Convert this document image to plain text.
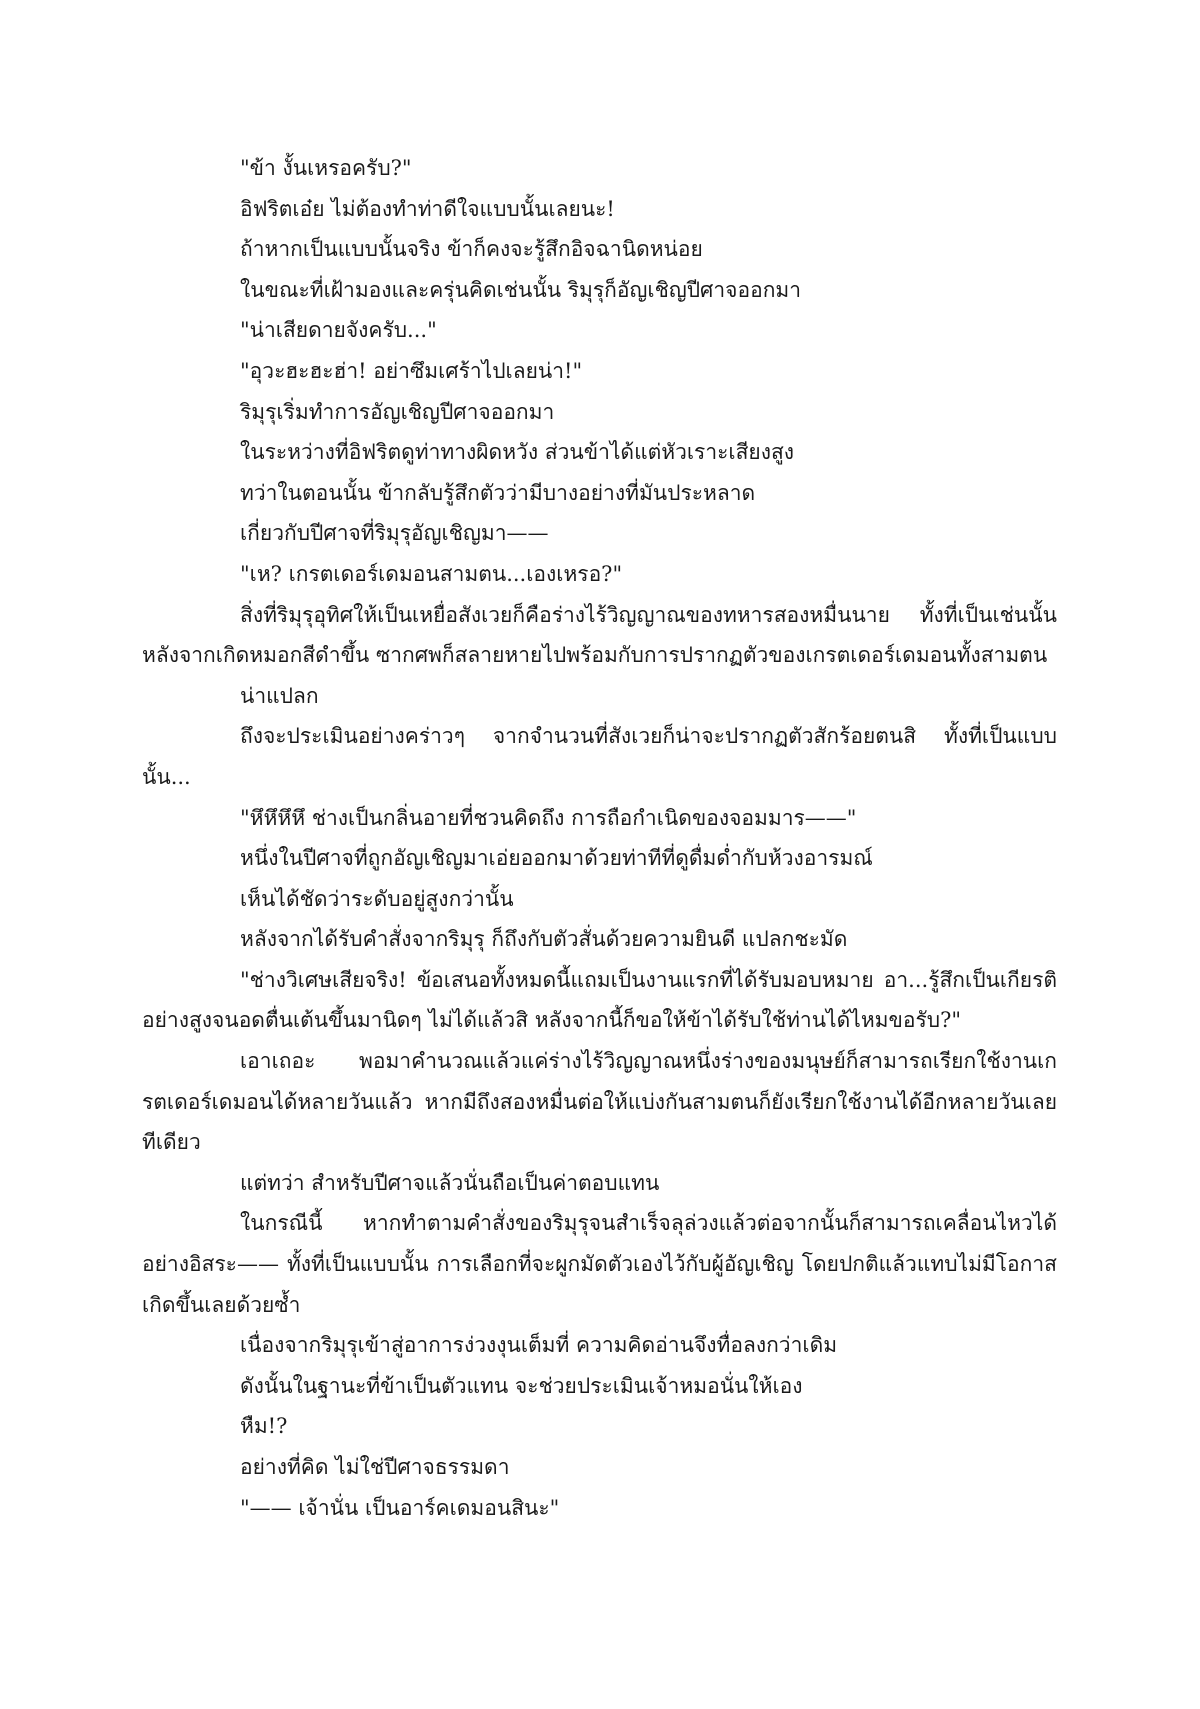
"ข้า งั้นเหรอครับ?"

อิฟริตเอ๋ย ไม่ต้องทำท่าดีใจแบบนั้นเลยนะ!

ถ้าหากเป็นแบบนั้นจริง ข้าก็คงจะรู้สึกอิจฉานิดหน่อย

ในขณะที่เฝ้ามองและครุ่นคิดเช่นนั้น ริมุรุก็อัญเชิญปีศาจออกมา

"น่าเสียดายจังครับ..."

"อุวะฮะฮะฮ่า! อย่าซึมเศร้าไปเลยน่า!"

ริมุรุเริ่มทำการอัญเชิญปีศาจออกมา

ในระหว่างที่อิฟริตดูท่าทางผิดหวัง ส่วนข้าได้แต่หัวเราะเสียงสูง

ทว่าในตอนนั้น ข้ากลับรู้สึกตัวว่ามีบางอย่างที่มันประหลาด

เกี่ยวกับปีศาจที่ริมุรุอัญเชิญมา——

"เห? เกรตเดอร์เดมอนสามตน...เองเหรอ?"

สิ่งที่ริมุรุอุทิศให้เป็นเหยื่อสังเวยก็คือร่างไร้วิญญาณของทหารสองหมื่นนาย ทั้งที่เป็นเช่นนั้น หลังจากเกิดหมอกสีดำขึ้น ซากศพก็สลายหายไปพร้อมกับการปรากฏตัวของเกรตเดอร์เดมอนทั้งสามตน

น่าแปลก

ถึงจะประเมินอย่างคร่าวๆ จากจำนวนที่สังเวยก็น่าจะปรากฏตัวสักร้อยตนสิ ทั้งที่เป็นแบบนั้น...

"หึหึหึหึ ช่างเป็นกลิ่นอายที่ชวนคิดถึง การถือกำเนิดของจอมมาร——"

หนึ่งในปีศาจที่ถูกอัญเชิญมาเอ่ยออกมาด้วยท่าทีที่ดูดื่มด่ำกับห้วงอารมณ์

เห็นได้ชัดว่าระดับอยู่สูงกว่านั้น

หลังจากได้รับคำสั่งจากริมุรุ ก็ถึงกับตัวสั่นด้วยความยินดี แปลกชะมัด

"ช่างวิเศษเสียจริง! ข้อเสนอทั้งหมดนี้แถมเป็นงานแรกที่ได้รับมอบหมาย อา...รู้สึกเป็นเกียรติอย่างสูงจนอดตื่นเต้นขึ้นมานิดๆ ไม่ได้แล้วสิ หลังจากนี้ก็ขอให้ข้าได้รับใช้ท่านได้ไหมขอรับ?"

เอาเถอะ พอมาคำนวณแล้วแค่ร่างไร้วิญญาณหนึ่งร่างของมนุษย์ก็สามารถเรียกใช้งานเกรตเดอร์เดมอนได้หลายวันแล้ว หากมีถึงสองหมื่นต่อให้แบ่งกันสามตนก็ยังเรียกใช้งานได้อีกหลายวันเลยทีเดียว

แต่ทว่า สำหรับปีศาจแล้วนั่นถือเป็นค่าตอบแทน

ในกรณีนี้ หากทำตามคำสั่งของริมุรุจนสำเร็จลุล่วงแล้วต่อจากนั้นก็สามารถเคลื่อนไหวได้อย่างอิสระ—— ทั้งที่เป็นแบบนั้น การเลือกที่จะผูกมัดตัวเองไว้กับผู้อัญเชิญ โดยปกติแล้วแทบไม่มีโอกาสเกิดขึ้นเลยด้วยซ้ำ

เนื่องจากริมุรุเข้าสู่อาการง่วงงุนเต็มที่ ความคิดอ่านจึงทื่อลงกว่าเดิม

ดังนั้นในฐานะที่ข้าเป็นตัวแทน จะช่วยประเมินเจ้าหมอนั่นให้เอง

หืม!?

อย่างที่คิด ไม่ใช่ปีศาจธรรมดา

"—— เจ้านั่น เป็นอาร์คเดมอนสินะ"
